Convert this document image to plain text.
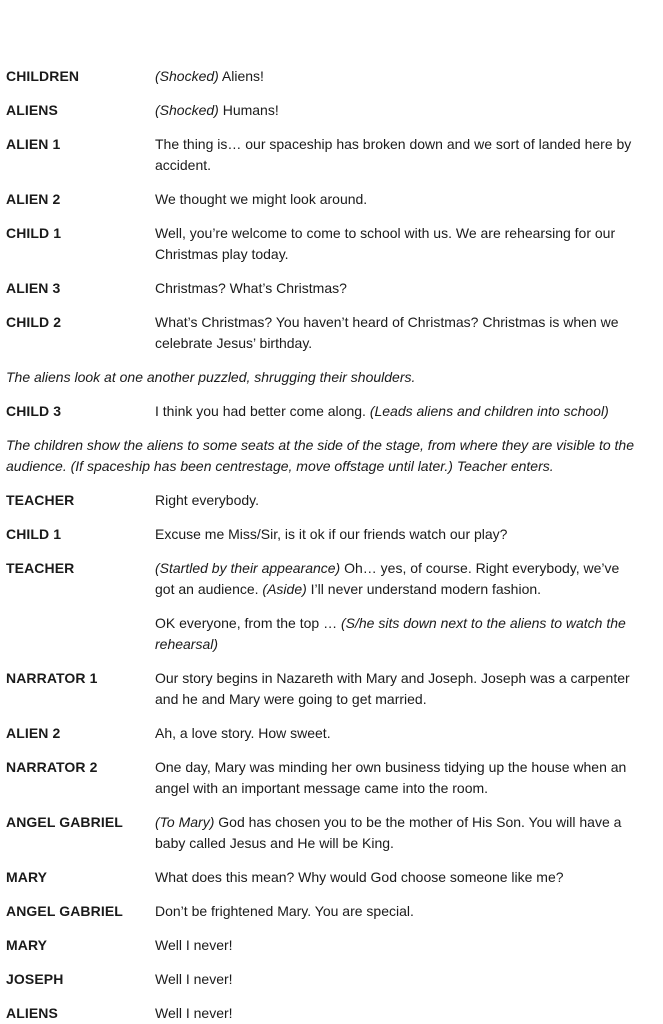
CHILDREN	(Shocked) Aliens!
ALIENS	(Shocked) Humans!
ALIEN 1	The thing is… our spaceship has broken down and we sort of landed here by accident.
ALIEN 2	We thought we might look around.
CHILD 1	Well, you’re welcome to come to school with us. We are rehearsing for our Christmas play today.
ALIEN 3	Christmas? What’s Christmas?
CHILD 2	What’s Christmas? You haven’t heard of Christmas? Christmas is when we celebrate Jesus’ birthday.
The aliens look at one another puzzled, shrugging their shoulders.
CHILD 3	I think you had better come along. (Leads aliens and children into school)
The children show the aliens to some seats at the side of the stage, from where they are visible to the audience. (If spaceship has been centrestage, move offstage until later.) Teacher enters.
TEACHER	Right everybody.
CHILD 1	Excuse me Miss/Sir, is it ok if our friends watch our play?
TEACHER	(Startled by their appearance) Oh… yes, of course. Right everybody, we’ve got an audience. (Aside) I’ll never understand modern fashion.
OK everyone, from the top … (S/he sits down next to the aliens to watch the rehearsal)
NARRATOR 1	Our story begins in Nazareth with Mary and Joseph. Joseph was a carpenter and he and Mary were going to get married.
ALIEN 2	Ah, a love story. How sweet.
NARRATOR 2	One day, Mary was minding her own business tidying up the house when an angel with an important message came into the room.
ANGEL GABRIEL	(To Mary) God has chosen you to be the mother of His Son. You will have a baby called Jesus and He will be King.
MARY	What does this mean? Why would God choose someone like me?
ANGEL GABRIEL	Don’t be frightened Mary. You are special.
MARY	Well I never!
JOSEPH	Well I never!
ALIENS	Well I never!
